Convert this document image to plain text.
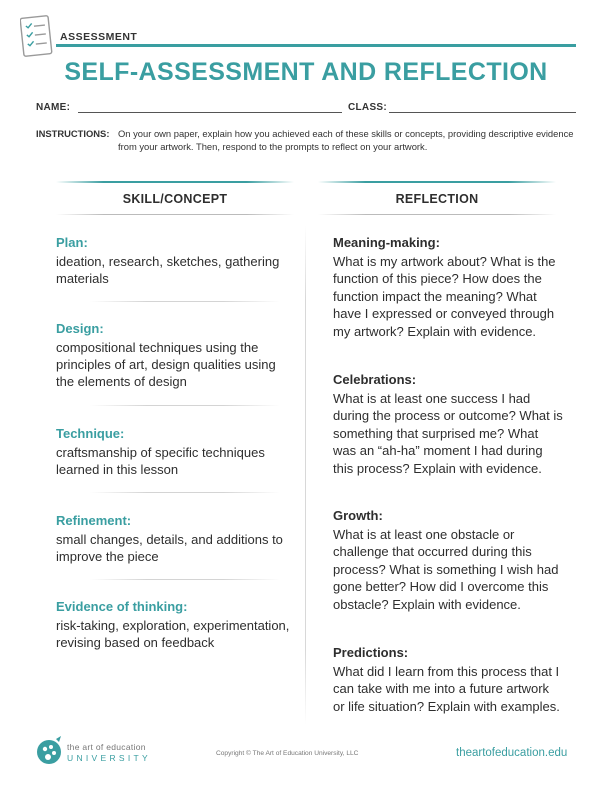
ASSESSMENT
SELF-ASSESSMENT AND REFLECTION
NAME:	CLASS:
INSTRUCTIONS: On your own paper, explain how you achieved each of these skills or concepts, providing descriptive evidence from your artwork. Then, respond to the prompts to reflect on your artwork.
SKILL/CONCEPT	REFLECTION

Plan:

ideation, research, sketches, gathering materials

Design:

compositional techniques using the principles of art, design qualities using the elements of design

Technique:

craftsmanship of specific techniques learned in this lesson

Refinement:

small changes, details, and additions to improve the piece

Evidence of thinking:

risk-taking, exploration, experimentation, revising based on feedback

Meaning-making:

What is my artwork about? What is the function of this piece? How does the function impact the meaning? What have I expressed or conveyed through my artwork? Explain with evidence.

Celebrations:

What is at least one success I had during the process or outcome? What is something that surprised me? What was an “ah-ha” moment I had during this process? Explain with evidence.

Growth:

What is at least one obstacle or challenge that occurred during this process? What is something I wish had gone better? How did I overcome this obstacle? Explain with evidence.

Predictions:

What did I learn from this process that I can take with me into a future artwork or life situation? Explain with examples.

the art of education
UNIVERSITY	Copyright © The Art of Education University, LLC	theartofeducation.edu
